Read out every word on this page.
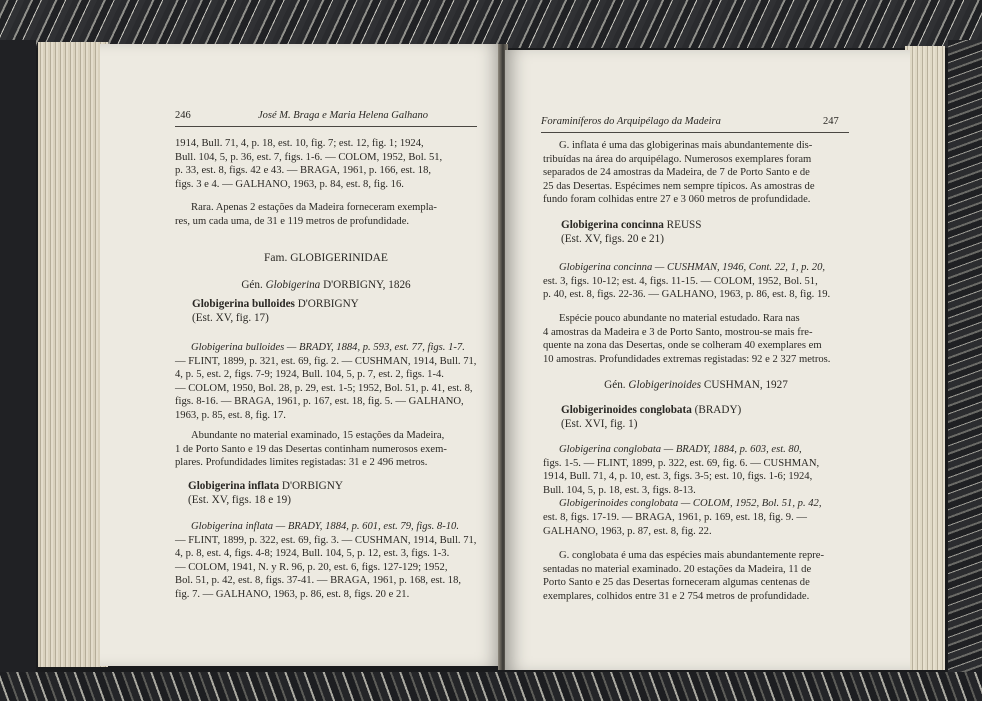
246	José M. Braga e Maria Helena Galhano
1914, Bull. 71, 4, p. 18, est. 10, fig. 7; est. 12, fig. 1; 1924,
Bull. 104, 5, p. 36, est. 7, figs. 1-6. — COLOM, 1952, Bol. 51,
p. 33, est. 8, figs. 42 e 43. — BRAGA, 1961, p. 166, est. 18,
figs. 3 e 4. — GALHANO, 1963, p. 84, est. 8, fig. 16.
Rara. Apenas 2 estações da Madeira forneceram exempla-
res, um cada uma, de 31 e 119 metros de profundidade.
Fam. GLOBIGERINIDAE
Gén. Globigerina D'ORBIGNY, 1826
Globigerina bulloides D'ORBIGNY
(Est. XV, fig. 17)
Globigerina bulloides — BRADY, 1884, p. 593, est. 77, figs. 1-7.
— FLINT, 1899, p. 321, est. 69, fig. 2. — CUSHMAN, 1914, Bull. 71,
4, p. 5, est. 2, figs. 7-9; 1924, Bull. 104, 5, p. 7, est. 2, figs. 1-4.
— COLOM, 1950, Bol. 28, p. 29, est. 1-5; 1952, Bol. 51, p. 41, est. 8,
figs. 8-16. — BRAGA, 1961, p. 167, est. 18, fig. 5. — GALHANO,
1963, p. 85, est. 8, fig. 17.
Abundante no material examinado, 15 estações da Madeira,
1 de Porto Santo e 19 das Desertas continham numerosos exem-
plares. Profundidades limites registadas: 31 e 2 496 metros.
Globigerina inflata D'ORBIGNY
(Est. XV, figs. 18 e 19)
Globigerina inflata — BRADY, 1884, p. 601, est. 79, figs. 8-10.
— FLINT, 1899, p. 322, est. 69, fig. 3. — CUSHMAN, 1914, Bull. 71,
4, p. 8, est. 4, figs. 4-8; 1924, Bull. 104, 5, p. 12, est. 3, figs. 1-3.
— COLOM, 1941, N. y R. 96, p. 20, est. 6, figs. 127-129; 1952,
Bol. 51, p. 42, est. 8, figs. 37-41. — BRAGA, 1961, p. 168, est. 18,
fig. 7. — GALHANO, 1963, p. 86, est. 8, figs. 20 e 21.
Foraminíferos do Arquipélago da Madeira	247
G. inflata é uma das globigerinas mais abundantemente dis-
tribuídas na área do arquipélago. Numerosos exemplares foram
separados de 24 amostras da Madeira, de 7 de Porto Santo e de
25 das Desertas. Espécimes nem sempre típicos. As amostras de
fundo foram colhidas entre 27 e 3 060 metros de profundidade.
Globigerina concinna REUSS
(Est. XV, figs. 20 e 21)
Globigerina concinna — CUSHMAN, 1946, Cont. 22, 1, p. 20,
est. 3, figs. 10-12; est. 4, figs. 11-15. — COLOM, 1952, Bol. 51,
p. 40, est. 8, figs. 22-36. — GALHANO, 1963, p. 86, est. 8, fig. 19.
Espécie pouco abundante no material estudado. Rara nas
4 amostras da Madeira e 3 de Porto Santo, mostrou-se mais fre-
quente na zona das Desertas, onde se colheram 40 exemplares em
10 amostras. Profundidades extremas registadas: 92 e 2 327 metros.
Gén. Globigerinoides CUSHMAN, 1927
Globigerinoides conglobata (BRADY)
(Est. XVI, fig. 1)
Globigerina conglobata — BRADY, 1884, p. 603, est. 80,
figs. 1-5. — FLINT, 1899, p. 322, est. 69, fig. 6. — CUSHMAN,
1914, Bull. 71, 4, p. 10, est. 3, figs. 3-5; est. 10, figs. 1-6; 1924,
Bull. 104, 5, p. 18, est. 3, figs. 8-13.
Globigerinoides conglobata — COLOM, 1952, Bol. 51, p. 42,
est. 8, figs. 17-19. — BRAGA, 1961, p. 169, est. 18, fig. 9. —
GALHANO, 1963, p. 87, est. 8, fig. 22.
G. conglobata é uma das espécies mais abundantemente repre-
sentadas no material examinado. 20 estações da Madeira, 11 de
Porto Santo e 25 das Desertas forneceram algumas centenas de
exemplares, colhidos entre 31 e 2 754 metros de profundidade.
